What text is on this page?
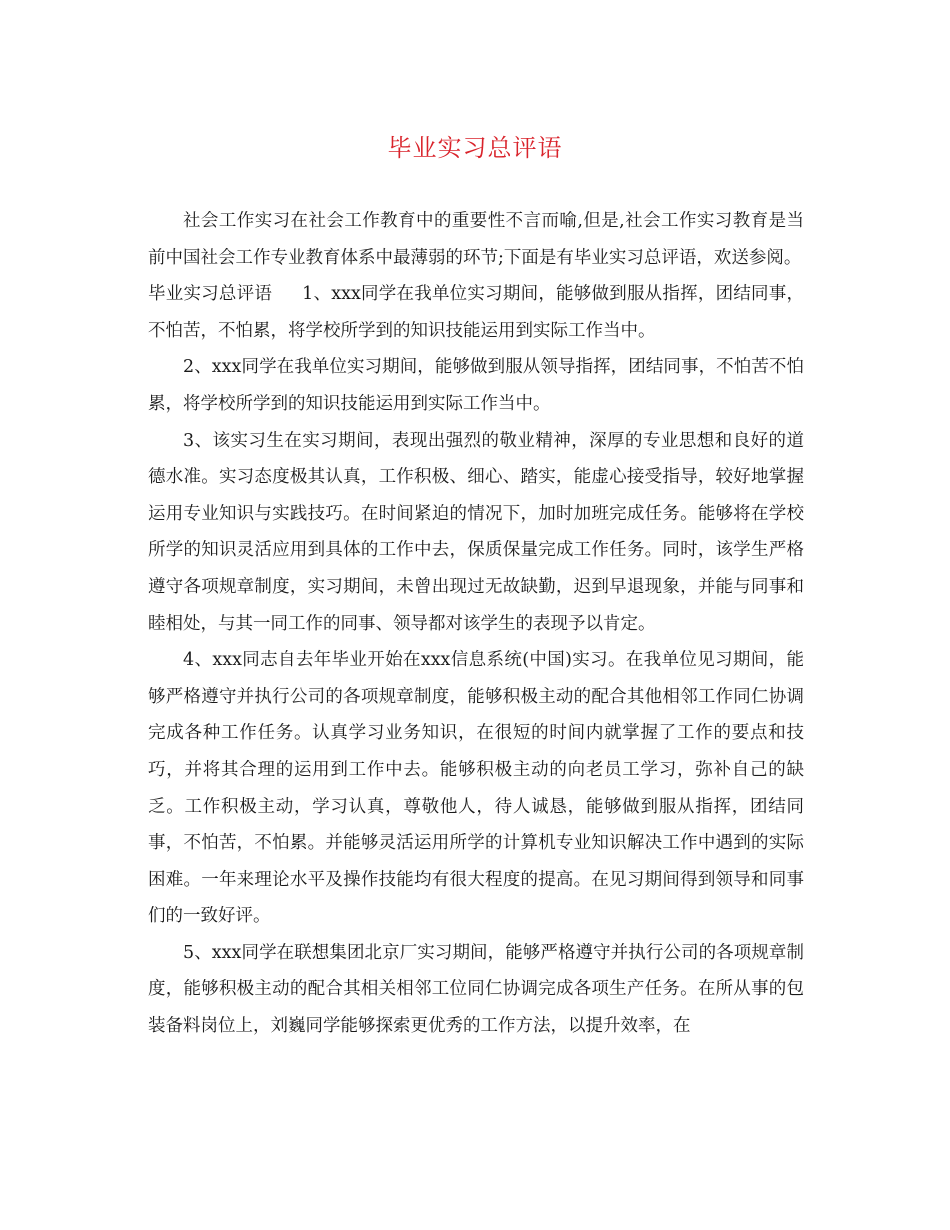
毕业实习总评语

社会工作实习在社会工作教育中的重要性不言而喻,但是,社会工作实习教育是当前中国社会工作专业教育体系中最薄弱的环节;下面是有毕业实习总评语，欢送参阅。

毕业实习总评语 1、xxx同学在我单位实习期间，能够做到服从指挥，团结同事，不怕苦，不怕累，将学校所学到的知识技能运用到实际工作当中。

2、xxx同学在我单位实习期间，能够做到服从领导指挥，团结同事，不怕苦不怕累，将学校所学到的知识技能运用到实际工作当中。

3、该实习生在实习期间，表现出强烈的敬业精神，深厚的专业思想和良好的道德水准。实习态度极其认真，工作积极、细心、踏实，能虚心接受指导，较好地掌握运用专业知识与实践技巧。在时间紧迫的情况下，加时加班完成任务。能够将在学校所学的知识灵活应用到具体的工作中去，保质保量完成工作任务。同时，该学生严格遵守各项规章制度，实习期间，未曾出现过无故缺勤，迟到早退现象，并能与同事和睦相处，与其一同工作的同事、领导都对该学生的表现予以肯定。

4、xxx同志自去年毕业开始在xxx信息系统(中国)实习。在我单位见习期间，能够严格遵守并执行公司的各项规章制度，能够积极主动的配合其他相邻工作同仁协调完成各种工作任务。认真学习业务知识，在很短的时间内就掌握了工作的要点和技巧，并将其合理的运用到工作中去。能够积极主动的向老员工学习，弥补自己的缺乏。工作积极主动，学习认真，尊敬他人，待人诚恳，能够做到服从指挥，团结同事，不怕苦，不怕累。并能够灵活运用所学的计算机专业知识解决工作中遇到的实际困难。一年来理论水平及操作技能均有很大程度的提高。在见习期间得到领导和同事们的一致好评。

5、xxx同学在联想集团北京厂实习期间，能够严格遵守并执行公司的各项规章制度，能够积极主动的配合其相关相邻工位同仁协调完成各项生产任务。在所从事的包装备料岗位上，刘巍同学能够探索更优秀的工作方法，以提升效率，在
